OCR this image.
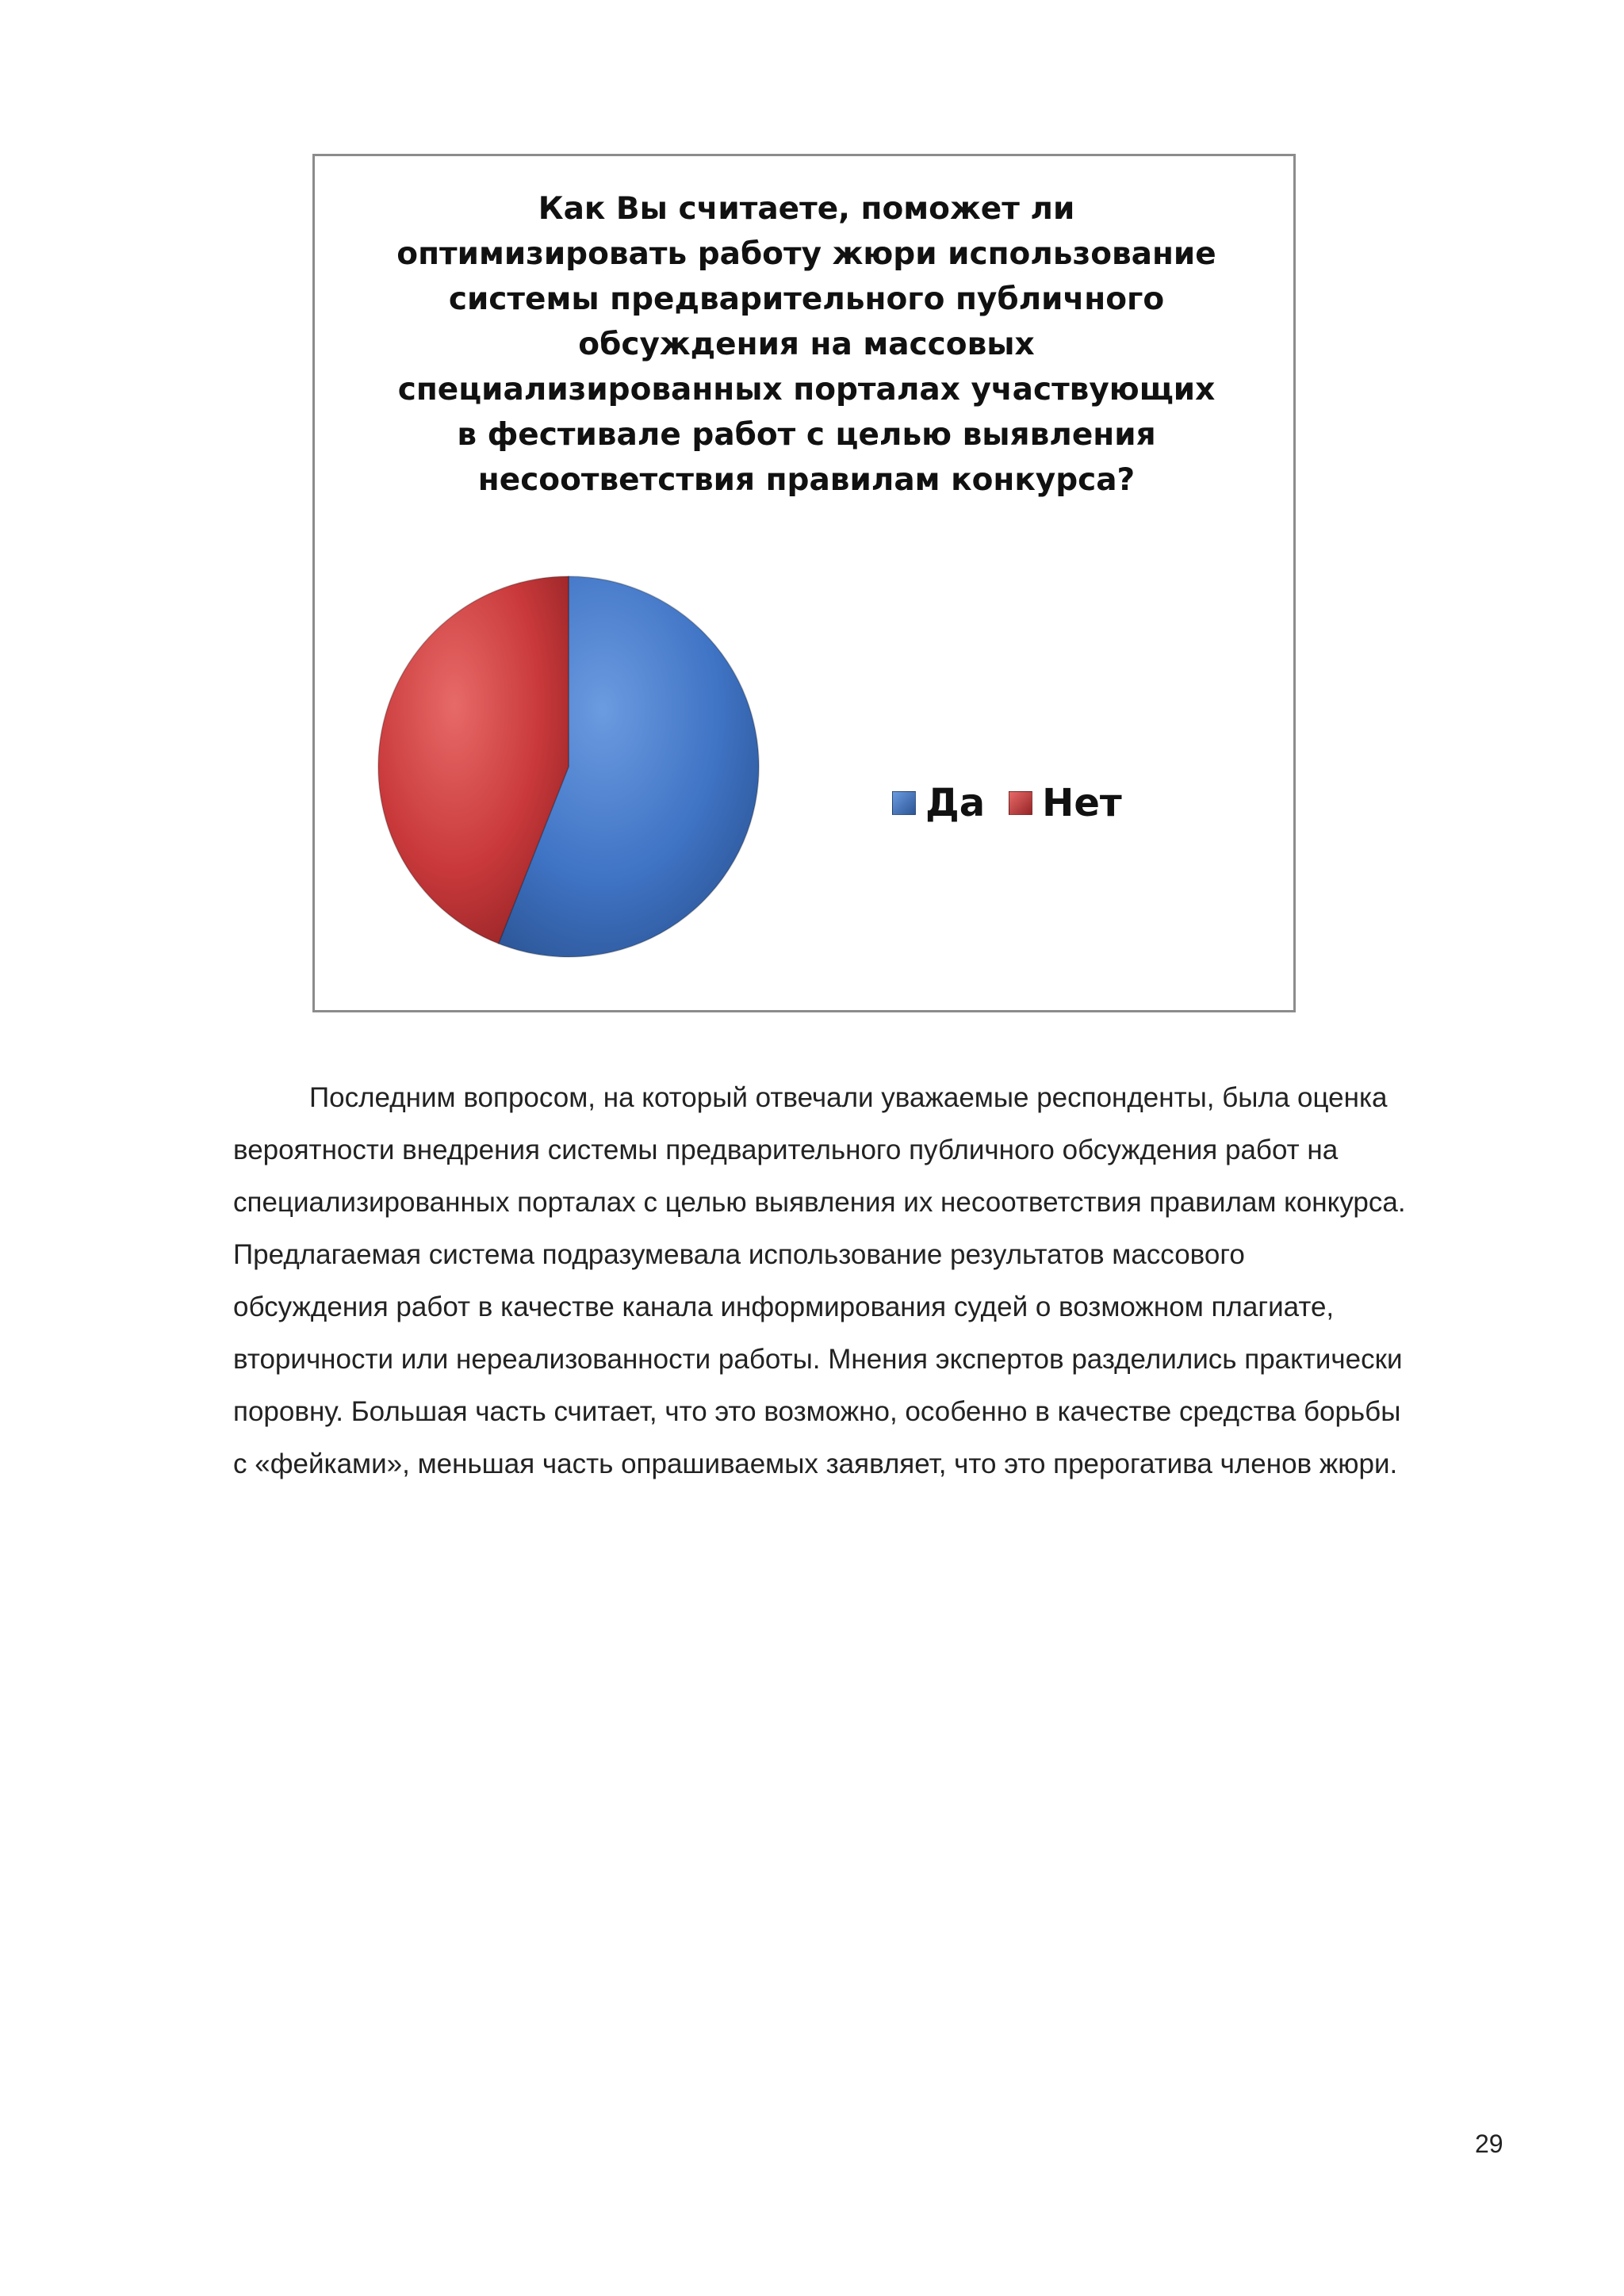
Как Вы считаете, поможет ли
оптимизировать работу жюри использование
системы предварительного публичного
обсуждения на массовых
специализированных порталах участвующих
в фестивале работ с целью выявления
несоответствия правилам конкурса?
Да Нет
Последним вопросом, на который отвечали уважаемые респонденты, была оценка
вероятности внедрения системы предварительного публичного обсуждения работ на
специализированных порталах с целью выявления их несоответствия правилам конкурса.
Предлагаемая система подразумевала использование результатов массового
обсуждения работ в качестве канала информирования судей о возможном плагиате,
вторичности или нереализованности работы. Мнения экспертов разделились практически
поровну. Большая часть считает, что это возможно, особенно в качестве средства борьбы
с «фейками», меньшая часть опрашиваемых заявляет, что это прерогатива членов жюри.
29
